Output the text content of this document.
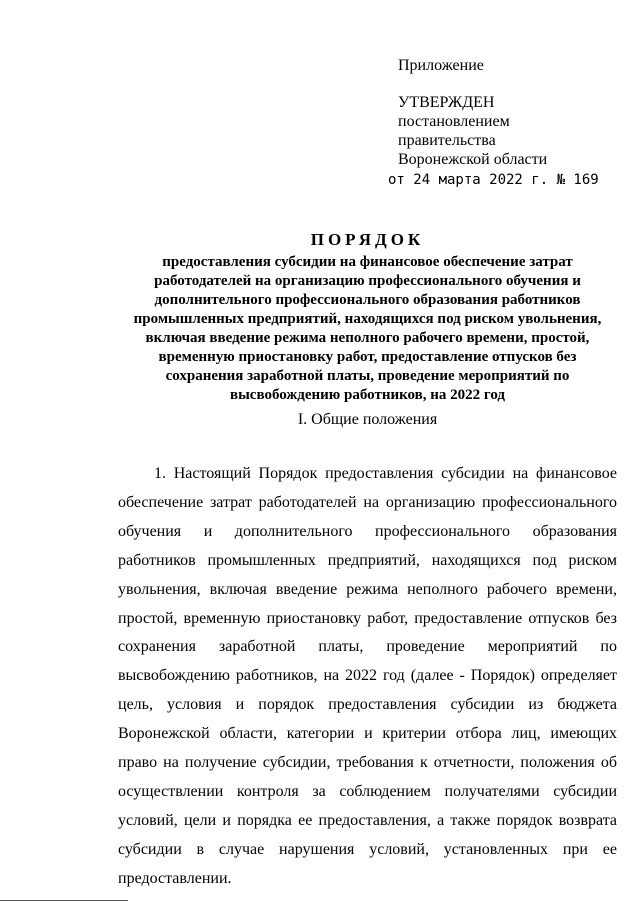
Приложение
УТВЕРЖДЕН
постановлением
правительства
Воронежской области
от 24 марта 2022 г. № 169
ПОРЯДОК
предоставления субсидии на финансовое обеспечение затрат
работодателей на организацию профессионального обучения и
дополнительного профессионального образования работников
промышленных предприятий, находящихся под риском увольнения,
включая введение режима неполного рабочего времени, простой,
временную приостановку работ, предоставление отпусков без
сохранения заработной платы, проведение мероприятий по
высвобождению работников, на 2022 год
I. Общие положения

1. Настоящий Порядок предоставления субсидии на финансовое обеспечение затрат работодателей на организацию профессионального обучения и дополнительного профессионального образования работников промышленных предприятий, находящихся под риском увольнения, включая введение режима неполного рабочего времени, простой, временную приостановку работ, предоставление отпусков без сохранения заработной платы, проведение мероприятий по высвобождению работников, на 2022 год (далее - Порядок) определяет цель, условия и порядок предоставления субсидии из бюджета Воронежской области, категории и критерии отбора лиц, имеющих право на получение субсидии, требования к отчетности, положения об осуществлении контроля за соблюдением получателями субсидии условий, цели и порядка ее предоставления, а также порядок возврата субсидии в случае нарушения условий, установленных при ее предоставлении.
